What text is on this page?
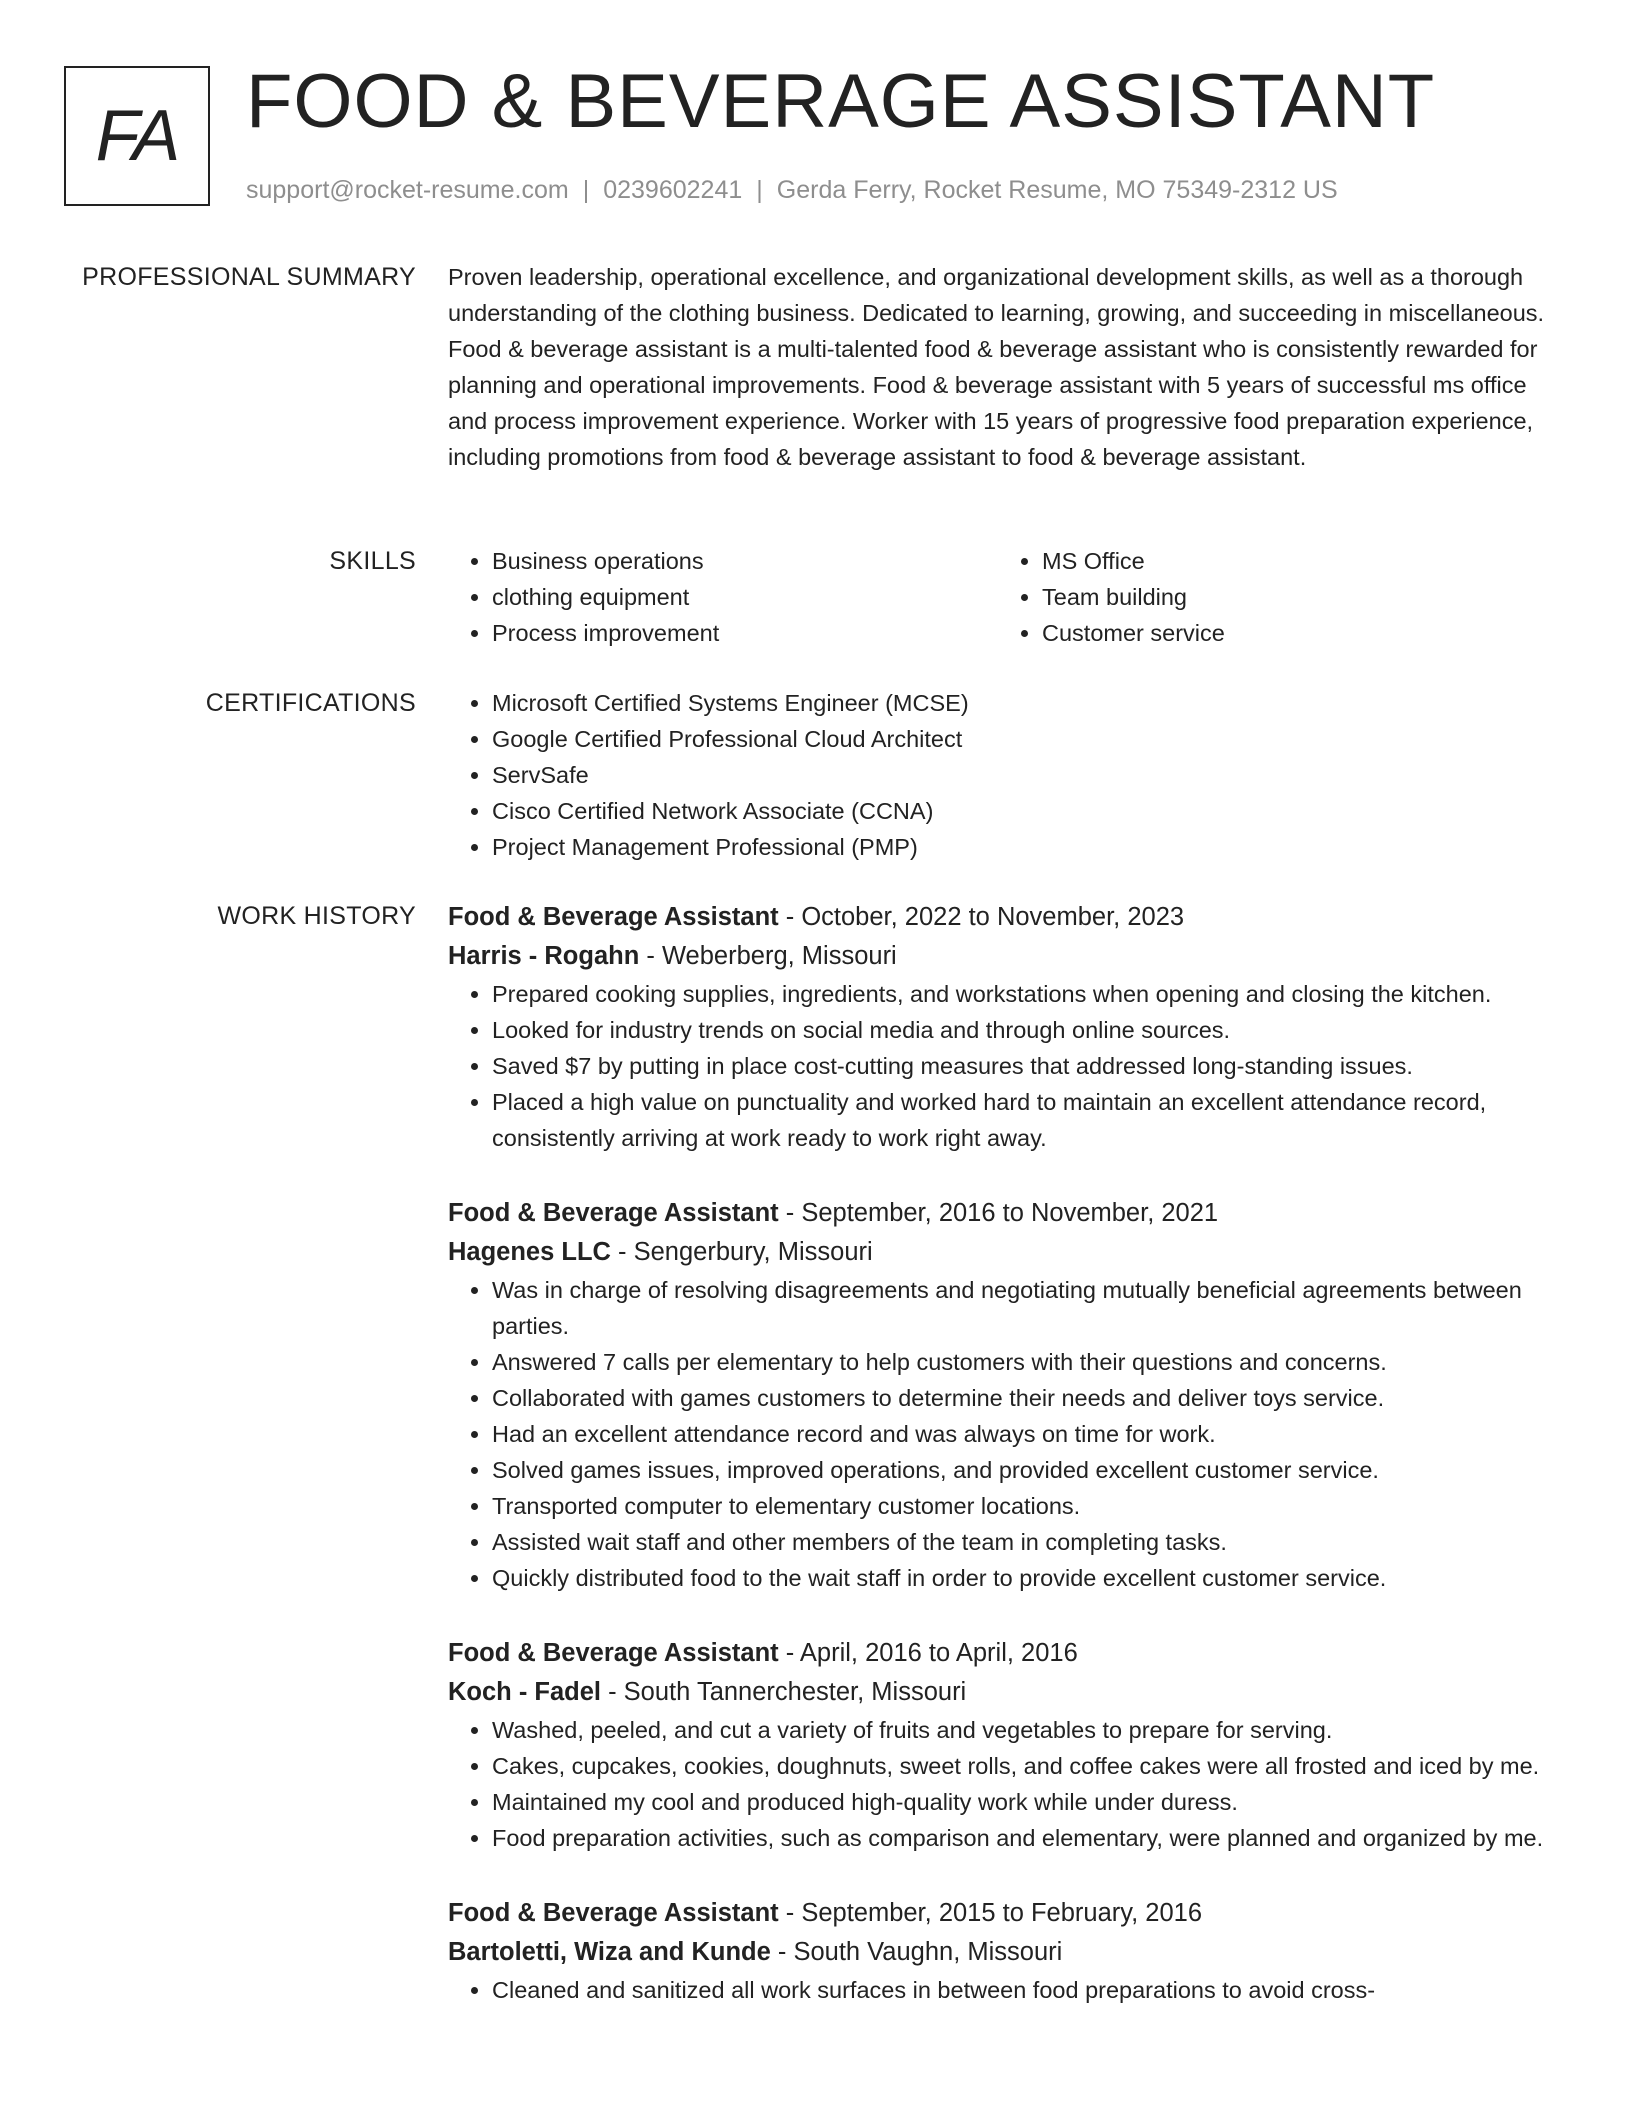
FA FOOD & BEVERAGE ASSISTANT
support@rocket-resume.com | 0239602241 | Gerda Ferry, Rocket Resume, MO 75349-2312 US
PROFESSIONAL SUMMARY Proven leadership, operational excellence, and organizational development skills, as well as a thorough understanding of the clothing business. Dedicated to learning, growing, and succeeding in miscellaneous. Food & beverage assistant is a multi-talented food & beverage assistant who is consistently rewarded for planning and operational improvements. Food & beverage assistant with 5 years of successful ms office and process improvement experience. Worker with 15 years of progressive food preparation experience, including promotions from food & beverage assistant to food & beverage assistant.

SKILLS	• Business operations
• clothing equipment
• Process improvement
• MS Office
• Team building
• Customer service
CERTIFICATIONS	• Microsoft Certified Systems Engineer (MCSE)
• Google Certified Professional Cloud Architect
• ServSafe
• Cisco Certified Network Associate (CCNA)
• Project Management Professional (PMP)
WORK HISTORY Food & Beverage Assistant - October, 2022 to November, 2023
Harris - Rogahn - Weberberg, Missouri
• Prepared cooking supplies, ingredients, and workstations when opening and closing the kitchen.
• Looked for industry trends on social media and through online sources.
• Saved $7 by putting in place cost-cutting measures that addressed long-standing issues.
• Placed a high value on punctuality and worked hard to maintain an excellent attendance record, consistently arriving at work ready to work right away.
Food & Beverage Assistant - September, 2016 to November, 2021
Hagenes LLC - Sengerbury, Missouri
• Was in charge of resolving disagreements and negotiating mutually beneficial agreements between parties.
• Answered 7 calls per elementary to help customers with their questions and concerns.
• Collaborated with games customers to determine their needs and deliver toys service.
• Had an excellent attendance record and was always on time for work.
• Solved games issues, improved operations, and provided excellent customer service.
• Transported computer to elementary customer locations.
• Assisted wait staff and other members of the team in completing tasks.
• Quickly distributed food to the wait staff in order to provide excellent customer service.
Food & Beverage Assistant - April, 2016 to April, 2016
Koch - Fadel - South Tannerchester, Missouri
• Washed, peeled, and cut a variety of fruits and vegetables to prepare for serving.
• Cakes, cupcakes, cookies, doughnuts, sweet rolls, and coffee cakes were all frosted and iced by me.
• Maintained my cool and produced high-quality work while under duress.
• Food preparation activities, such as comparison and elementary, were planned and organized by me.
Food & Beverage Assistant - September, 2015 to February, 2016
Bartoletti, Wiza and Kunde - South Vaughn, Missouri
• Cleaned and sanitized all work surfaces in between food preparations to avoid cross-
